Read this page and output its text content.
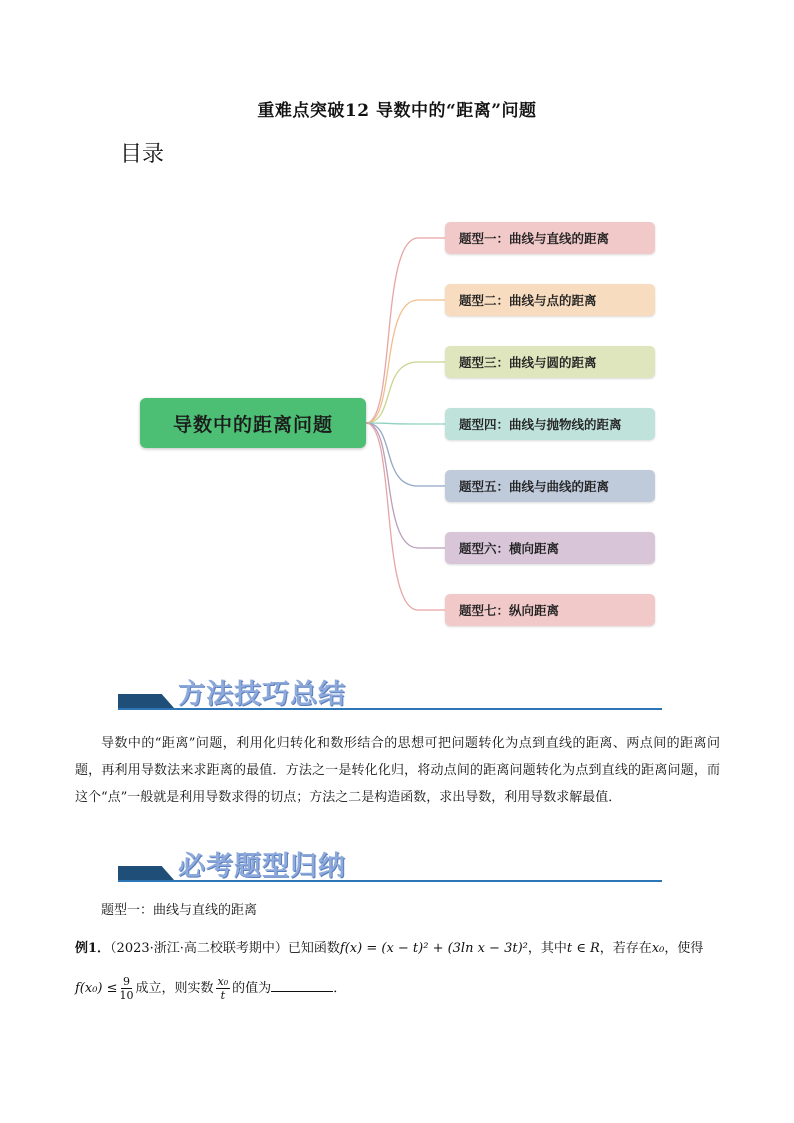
重难点突破12 导数中的“距离”问题
目录
导数中的距离问题
题型一：曲线与直线的距离
题型二：曲线与点的距离
题型三：曲线与圆的距离
题型四：曲线与抛物线的距离
题型五：曲线与曲线的距离
题型六：横向距离
题型七：纵向距离
方法技巧总结
导数中的“距离”问题，利用化归转化和数形结合的思想可把问题转化为点到直线的距离、两点间的距离问题，再利用导数法来求距离的最值．方法之一是转化化归，将动点间的距离问题转化为点到直线的距离问题，而这个“点”一般就是利用导数求得的切点；方法之二是构造函数，求出导数，利用导数求解最值．
必考题型归纳
题型一：曲线与直线的距离
例1．（2023·浙江·高二校联考期中）已知函数f(x) = (x − t)² + (3ln x − 3t)²，其中t ∈ R，若存在x₀，使得
$f(x_0) \le \frac{9}{10}$ 成立，则实数 $\frac{\text{x₀}}{t}$ 的值为	．
